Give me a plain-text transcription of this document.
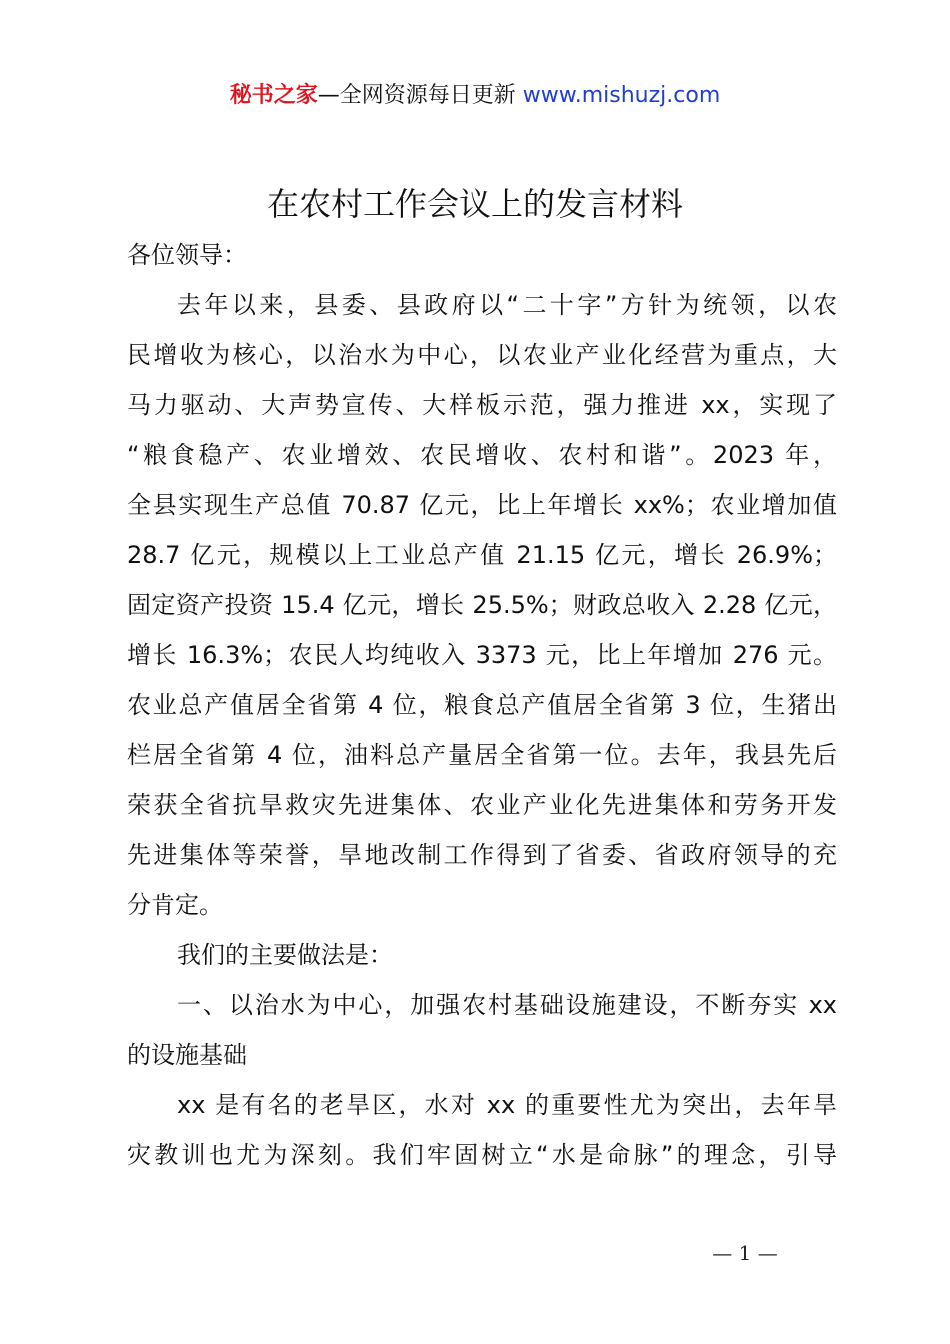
秘书之家—全网资源每日更新 www.mishuzj.com
在农村工作会议上的发言材料
各位领导：
去年以来，县委、县政府以“二十字”方针为统领，以农
民增收为核心，以治水为中心，以农业产业化经营为重点，大
马力驱动、大声势宣传、大样板示范，强力推进 xx，实现了
“粮食稳产、农业增效、农民增收、农村和谐”。2023 年，
全县实现生产总值 70.87 亿元，比上年增长 xx%；农业增加值
28.7 亿元，规模以上工业总产值 21.15 亿元，增长 26.9%；
固定资产投资 15.4 亿元，增长 25.5%；财政总收入 2.28 亿元，
增长 16.3%；农民人均纯收入 3373 元，比上年增加 276 元。
农业总产值居全省第 4 位，粮食总产值居全省第 3 位，生猪出
栏居全省第 4 位，油料总产量居全省第一位。去年，我县先后
荣获全省抗旱救灾先进集体、农业产业化先进集体和劳务开发
先进集体等荣誉，旱地改制工作得到了省委、省政府领导的充
分肯定。
我们的主要做法是：
一、以治水为中心，加强农村基础设施建设，不断夯实 xx
的设施基础
xx 是有名的老旱区，水对 xx 的重要性尤为突出，去年旱
灾教训也尤为深刻。我们牢固树立“水是命脉”的理念，引导
— 1 —
